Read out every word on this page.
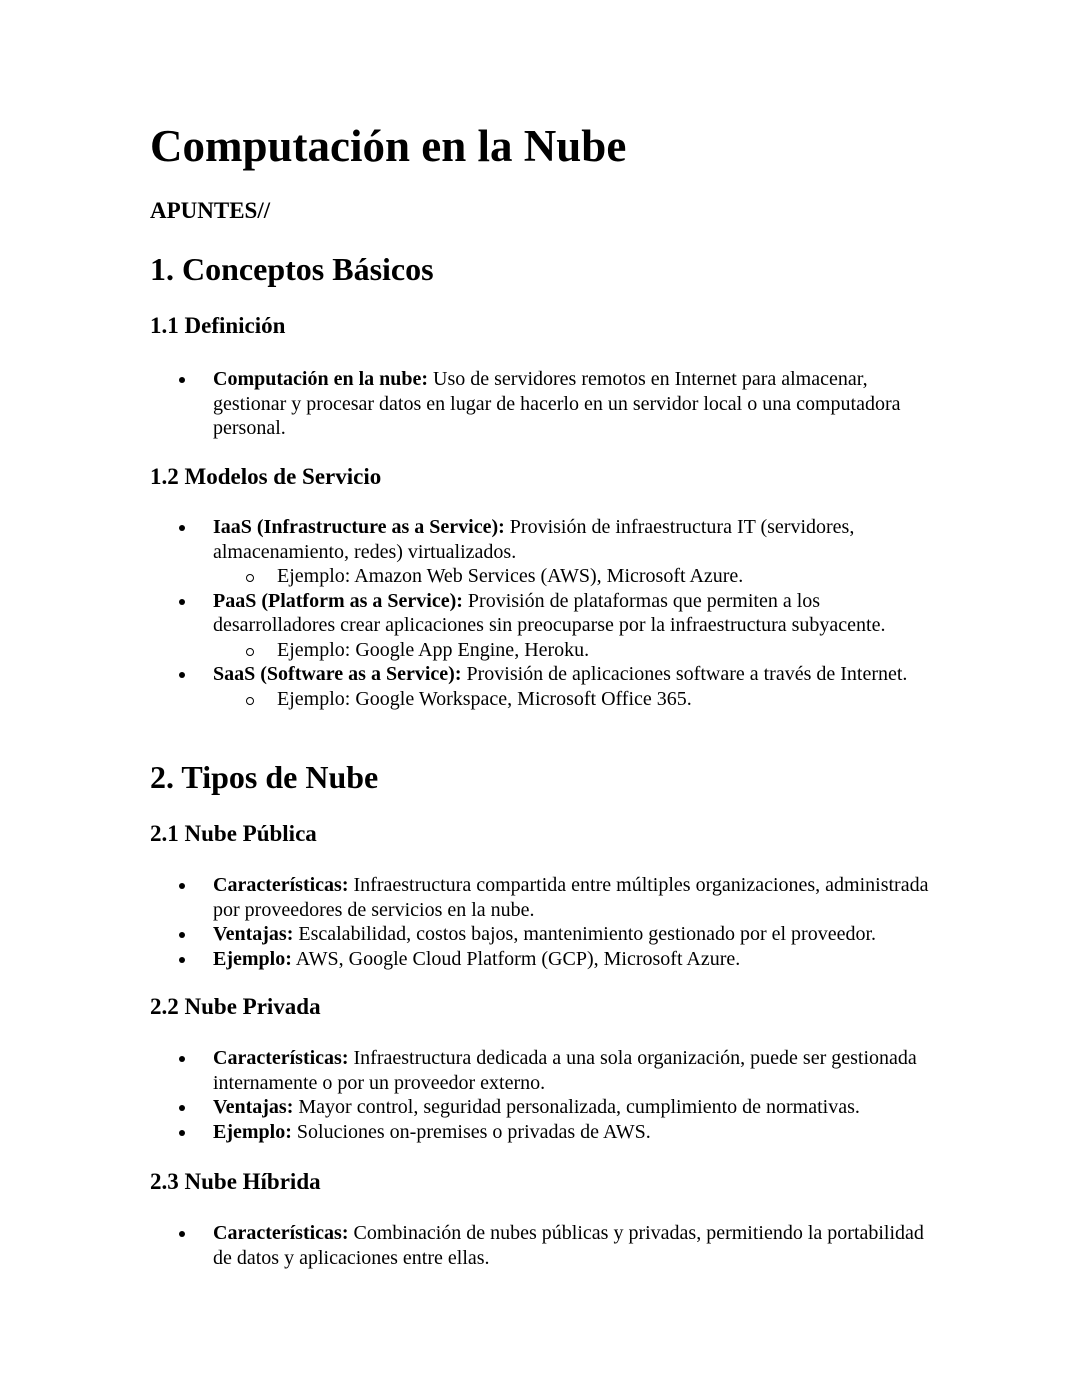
Computación en la Nube

APUNTES//

1. Conceptos Básicos
1.1 Definición
Computación en la nube: Uso de servidores remotos en Internet para almacenar, gestionar y procesar datos en lugar de hacerlo en un servidor local o una computadora personal.
1.2 Modelos de Servicio
IaaS (Infrastructure as a Service): Provisión de infraestructura IT (servidores, almacenamiento, redes) virtualizados.
Ejemplo: Amazon Web Services (AWS), Microsoft Azure.
PaaS (Platform as a Service): Provisión de plataformas que permiten a los desarrolladores crear aplicaciones sin preocuparse por la infraestructura subyacente.
Ejemplo: Google App Engine, Heroku.
SaaS (Software as a Service): Provisión de aplicaciones software a través de Internet.
Ejemplo: Google Workspace, Microsoft Office 365.
2. Tipos de Nube
2.1 Nube Pública
Características: Infraestructura compartida entre múltiples organizaciones, administrada por proveedores de servicios en la nube.
Ventajas: Escalabilidad, costos bajos, mantenimiento gestionado por el proveedor.
Ejemplo: AWS, Google Cloud Platform (GCP), Microsoft Azure.
2.2 Nube Privada
Características: Infraestructura dedicada a una sola organización, puede ser gestionada internamente o por un proveedor externo.
Ventajas: Mayor control, seguridad personalizada, cumplimiento de normativas.
Ejemplo: Soluciones on-premises o privadas de AWS.
2.3 Nube Híbrida
Características: Combinación de nubes públicas y privadas, permitiendo la portabilidad de datos y aplicaciones entre ellas.
